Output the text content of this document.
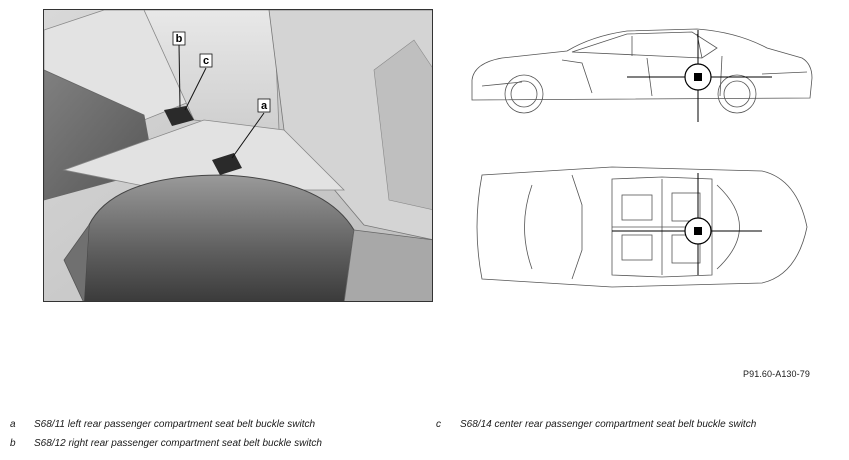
b
c
a
P91.60-A130-79
a S68/11 left rear passenger compartment seat belt buckle switch
b S68/12 right rear passenger compartment seat belt buckle switch
c S68/14 center rear passenger compartment seat belt buckle switch
